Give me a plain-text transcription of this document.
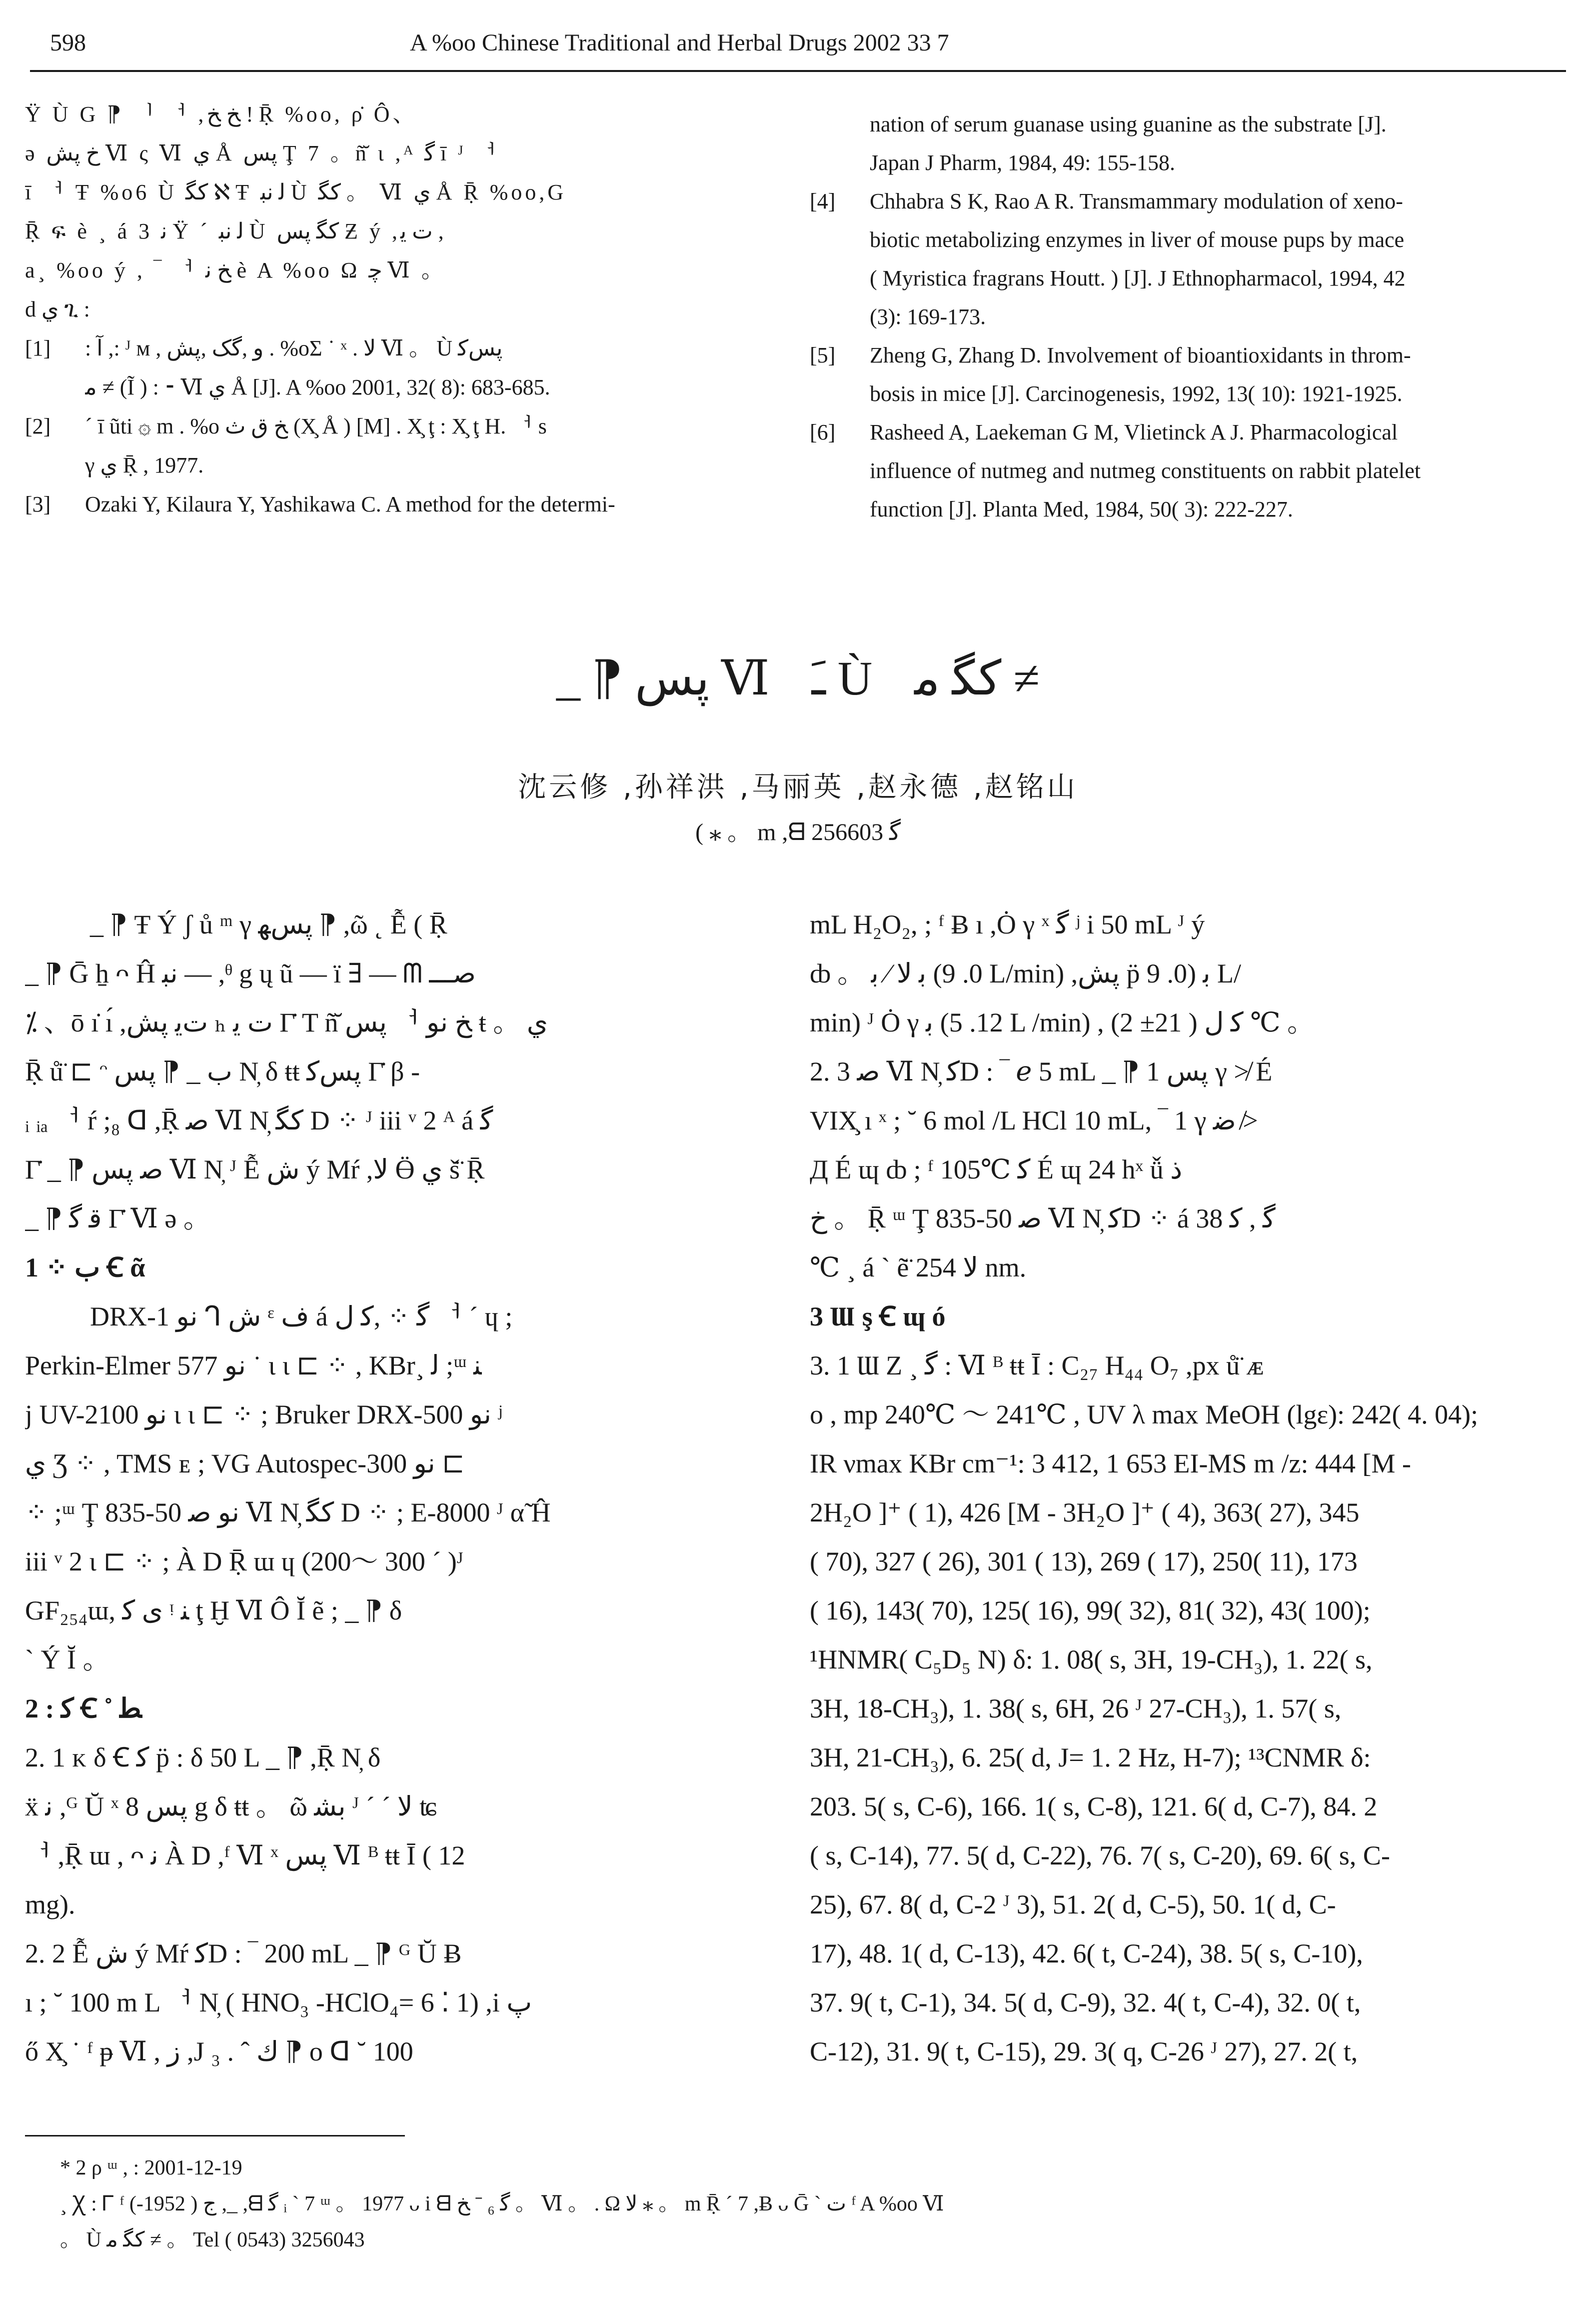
598	A %oo Chinese Traditional and Herbal Drugs 2002 33 7
Ÿ Ù G ⁋ ᅵ ᅥ ,ﺦ ﺦ ! Ṝ %oo, ρ̇ Ô、
ə ﺥ ﭘﺶ Ⅵ ς Ⅵ ﻱ Å ﭘﺲ Ţ 7 。ñ̆ ɩ ,ᴬ ﮔ ī ᴶ ᅥ
ī ᅥ Ŧ %o6 Ù ﮐﮕ ℵ Ŧ ﻟ ﻧﺒ Ù ﮐﮕ 。 Ⅵ ﻱ Å Ṝ %oo,G
Ṝ ፍ è ¸ á 3 ﻧ Ÿ ´ ﻟ ﻧﺒ Ù ﮐﮕ ﭘﺲ Ƶ ý ,ﺕ ﻳ ,
a¸ %oo ý , ‾ ᅥ ﺦ ﻧ è A %oo Ω ﭼ Ⅵ 。
d ﻱ ጊ :
[1] : ﺁ ,: ᴶ ᴍ , ﻭ ,ﮔﮏ ,ﭘﺶ . %oΣ ˙ ˣ . ﻻ Ⅵ 。 Ù ﭘﺲﮐ

ﻣ ≠ (Ĩ ) : ⁃ Ⅵ ﻱ Å [J]. A %oo 2001, 32( 8): 683-685.

[2] ´ ī ũti ۞ m . %o ﺦ ﻕ ﺙ (X̧ Å ) [M] . X̧ ţ : X̧ ţ H. ᅥ s

γ ﻱ Ṝ , 1977.

[3] Ozaki Y, Kilaura Y, Yashikawa C. A method for the determi-

nation of serum guanase using guanine as the substrate [J].

Japan J Pharm, 1984, 49: 155-158.

[4] Chhabra S K, Rao A R. Transmammary modulation of xeno-

biotic metabolizing enzymes in liver of mouse pups by mace

( Myristica fragrans Houtt. ) [J]. J Ethnopharmacol, 1994, 42

(3): 169-173.

[5] Zheng G, Zhang D. Involvement of bioantioxidants in throm-

bosis in mice [J]. Carcinogenesis, 1992, 13( 10): 1921-1925.

[6] Rasheed A, Laekeman G M, Vlietinck A J. Pharmacological

influence of nutmeg and nutmeg constituents on rabbit platelet

function [J]. Planta Med, 1984, 50( 3): 222-227.

_ ⁋ ﭘﺲ Ⅵ ﹷ Ù ﮐﮕ ﻣ ≠
沈云修 ,孙祥洪 ,马丽英 ,赵永德 ,赵铭山
( ⁎ 。 m ,ᗺ ﮔ 256603
_ ⁋ Ŧ Ý ʃ ů ᵐ γ ﭘﺲﻬ ⁋ ,ῶ ˛ Ễ ( Ṝ
_ ⁋ Ḡ ẖ ᴖ Ĥ ﻧﺒ — ,ᶿ g ų ũ — ï ∃ — ᗰ ﺻـــ
⁒ 、ō ı̇ ı́ ,ﺕﻳ ﭘﺶ ₕ ﺕ ﻳ Γ̇ T ñ̆ ﭘﺲ ᅥ ﺦ ﻧﻮ ŧ 。 ﻱ
Ṝ ů̈ ⊏ ᵔ ﺏ _ ⁋ ﭘﺲ N̦ δ ŧŧ ﭘﺲﮐ Γ̇ β -
ᵢ ᵢₐ ᅥ ŕ ;₈ ᗡ ,Ṝ ﺻ Ⅵ N̦ ﮐﮕ D ⁘ ᴶ iii ᵛ 2 ᴬ á ﮔ
Γ̇ _ ⁋ ﺻ ﭘﺲ Ⅵ N̦ ᴶ Ễ ﺵ ý Mŕ ,ﻻ Ӫ ﻱ š̈ Ṝ
_ ⁋ ﻗ ﮔ Γ̇ Ⅵ ə 。
1 ⁘ ﺏ Ꞓ ᾶ
DRX-1 ﻧﻮ ᒉ ﺵ ᵋ ﻑ á ﮔ ⁘ ,ﮐ ﻝ ᅥ ´ ɥ ;
Perkin-Elmer 577 ﻧﻮ ˙ ɩ ɩ ⊏ ⁘ , KBr¸ ﻟ ;ᵚ ﻨ
j UV-2100 ﻧﻮ ɩ ɩ ⊏ ⁘ ; Bruker DRX-500 ﻧﻮ ʲ
ﻱ Ʒ ⁘ , TMS ᴇ ; VG Autospec-300 ﻧﻮ ⊏
⁘ ;ᵚ Ţ 835-50 ﻧﻮ ﺻ Ⅵ N̦ ﮐﮕ D ⁘ ; E-8000 ᴶ α̃ Ĥ
iii ᵛ 2 ɩ ⊏ ⁘ ; À D Ṝ ɯ ɥ (200～ 300 ˊ )ᴶ
GF₂₅₄ɯ, ﻯ ﮐ ᵎ ﻨ ţ Ḫ Ⅵ Ô Ĭ ẽ ; _ ⁋ δ
ˋ Ý Ĭ 。
2 : ﮐ Ꞓ ˚ ﻄ
2. 1 ᴋ δ Ꞓ ﮐ p̈ : δ 50 L _ ⁋ ,Ṝ N̦ δ
ẍ ﻧ ,ᴳ Ŭ ˣ ﭘﺲ 8 g δ ŧŧ 。 ῶ ﺑﺸ ᴶ ˊ ´ ﻻ ʨ
ᅥ ,Ṝ ɯ , ᴖ ﻧ À D ,ᶠ Ⅵ ˣ ﭘﺲ Ⅵ ᴮ ŧŧ Ī ( 12
mg).
2. 2 Ễ ﺵ ý Mŕ ﮐD : ‾ 200 mL _ ⁋ ᴳ Ŭ Ƀ
ı ; ˘ 100 m L ᅥ N̦ ( HNO₃ -HClO₄= 6 ⁚ 1) ,i ﭖ
ő X̧ ˙ ᶠ ᵽ Ⅵ , ﺯ ,J ₃ . ˆ ﻙ ⁋ o ᗡ ˘ 100
mL H₂O₂, ; ᶠ Ƀ ı ,Ȯ γ ˣ ﮔ ʲ i 50 mL ᴶ ý
ȸ 。 ﺑ ﻻ ⁄ ﺑ (0. 9 L/min) ,ﭘﺶ p̈ ﺑ (0. 9 L/
min) ᴶ Ȯ γ ﺑ (12. 5 L /min) , ﮐ ﻝ ( 21± 2) ℃ 。
2. 3 ﺻ Ⅵ N̦ ﮐD : ‾ ℯ 5 mL _ ⁋ ﭘﺲ 1 γ ≯ É
VIX̧ ı ˣ ; ˘ 6 mol /L HCl 10 mL, ‾ 1 γ ﺿ ≯
Д É ɰ ȸ ; ᶠ 105℃ ﮐ É ɰ 24 hˣ ǚ ﺫ
ﺥ 。 Ṝ ᵚ Ţ 835-50 ﺻ Ⅵ N̦ ﮐD ⁘ á ﮔ , ﮐ 38
℃ ¸ á ˋ ẽ̈ ﻻ 254 nm.
3 Ɯ ş Ꞓ ɰ ó
3. 1 Ɯ Ζ ¸ ﮔ : Ⅵ ᴮ ŧŧ Ī : C₂₇ H₄₄ O₇ ,px ů̈ ᴁ
o , mp 240℃ ～ 241℃ , UV λ max MeOH (lgε): 242( 4. 04);
IR νmax KBr cm⁻¹: 3 412, 1 653 EI-MS m /z: 444 [M -
2H₂O ]⁺ ( 1), 426 [M - 3H₂O ]⁺ ( 4), 363( 27), 345
( 70), 327 ( 26), 301 ( 13), 269 ( 17), 250( 11), 173
( 16), 143( 70), 125( 16), 99( 32), 81( 32), 43( 100);
¹HNMR( C₅D₅ N) δ: 1. 08( s, 3H, 19-CH₃), 1. 22( s,
3H, 18-CH₃), 1. 38( s, 6H, 26 ᴶ 27-CH₃), 1. 57( s,
3H, 21-CH₃), 6. 25( d, J= 1. 2 Hz, H-7); ¹³CNMR δ:
203. 5( s, C-6), 166. 1( s, C-8), 121. 6( d, C-7), 84. 2
( s, C-14), 77. 5( d, C-22), 76. 7( s, C-20), 69. 6( s, C-
25), 67. 8( d, C-2 ᴶ 3), 51. 2( d, C-5), 50. 1( d, C-
17), 48. 1( d, C-13), 42. 6( t, C-24), 38. 5( s, C-10),
37. 9( t, C-1), 34. 5( d, C-9), 32. 4( t, C-4), 32. 0( t,
C-12), 31. 9( t, C-15), 29. 3( q, C-26 ᴶ 27), 27. 2( t,
* 2 ρ ᵚ , : 2001-12-19
¸ Ꭓ : Ꮁ ᶠ ﺝ ( 1952-) ,_ ,ᗺ ﮔ ᵢ ˋ 7 ᵚ 。 1977 ᴗ i ᗺ ﮔ ₆ ˉ ﺦ 。 Ⅵ 。 . Ω ﻻ ⁎ 。 m Ṝ ´ 7 ,Ƀ ᴗ Ḡ ˋ ﺕ ᶠ A %oo Ⅵ
。 Ù ﮐﮕ ﻣ ≠ 。 Tel ( 0543) 3256043
